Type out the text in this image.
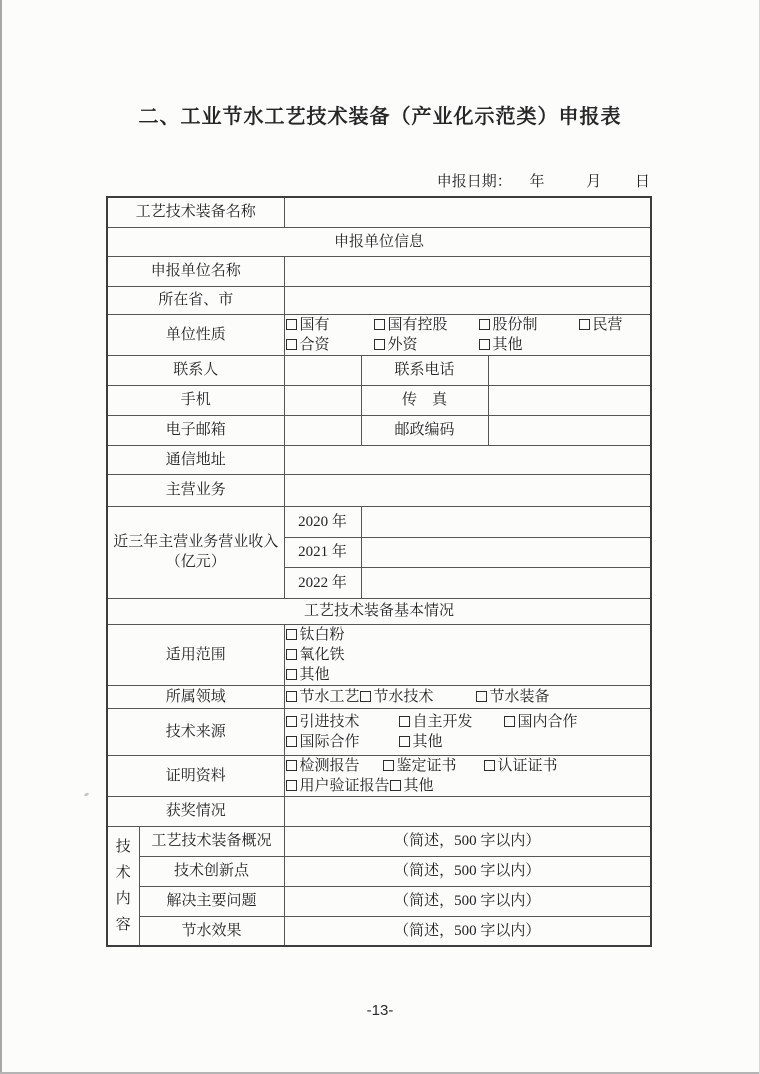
二、工业节水工艺技术装备（产业化示范类）申报表
申报日期： 年	月 日
工艺技术装备名称				
申报单位信息				
申报单位名称				
所在省、市				
单位性质		国有 国有控股 股份制 民营
合资 外资 其他		

联系人			联系电话	
手机			传　真	
电子邮箱			邮政编码	
通信地址				
主营业务				

近三年主营业务营业收入
（亿元）		2020 年		
		2021 年		
		2022 年		
工艺技术装备基本情况				
适用范围		钛白粉
氧化铁
其他		

所属领域		节水工艺 节水技术 节水装备		

技术来源		引进技术 自主开发 国内合作
国际合作 其他		

证明资料		检测报告 鉴定证书 认证证书
用户验证报告 其他		

获奖情况				

技术内容	工艺技术装备概况	（简述，500 字以内）		
	技术创新点	（简述，500 字以内）		
	解决主要问题	（简述，500 字以内）		
	节水效果	（简述，500 字以内）		
-13-
